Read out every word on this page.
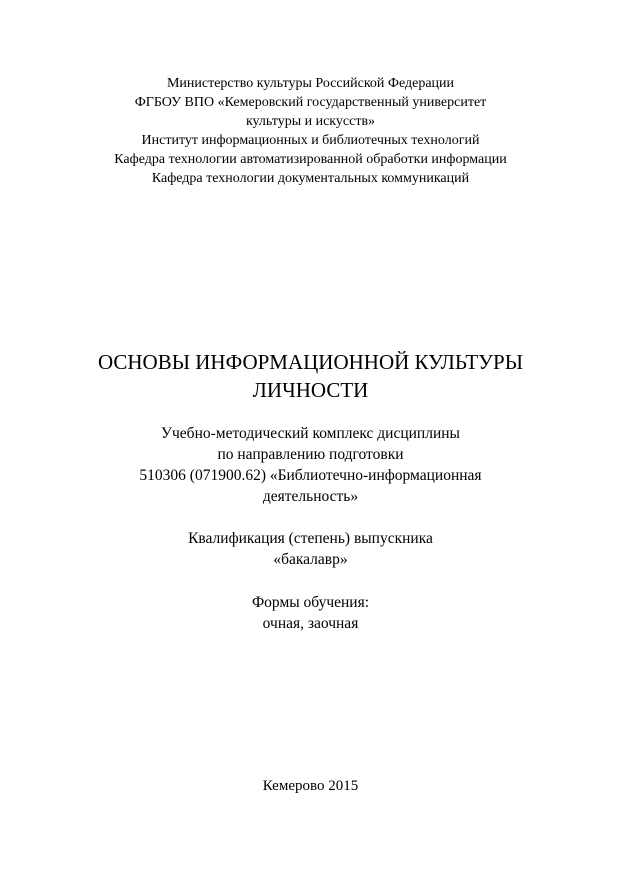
Министерство культуры Российской Федерации
ФГБОУ ВПО «Кемеровский государственный университет
культуры и искусств»
Институт информационных и библиотечных технологий
Кафедра технологии автоматизированной обработки информации
Кафедра технологии документальных коммуникаций
ОСНОВЫ ИНФОРМАЦИОННОЙ КУЛЬТУРЫ
ЛИЧНОСТИ
Учебно-методический комплекс дисциплины
по направлению подготовки
510306 (071900.62) «Библиотечно-информационная
деятельность»
Квалификация (степень) выпускника
«бакалавр»
Формы обучения:
очная, заочная
Кемерово 2015
